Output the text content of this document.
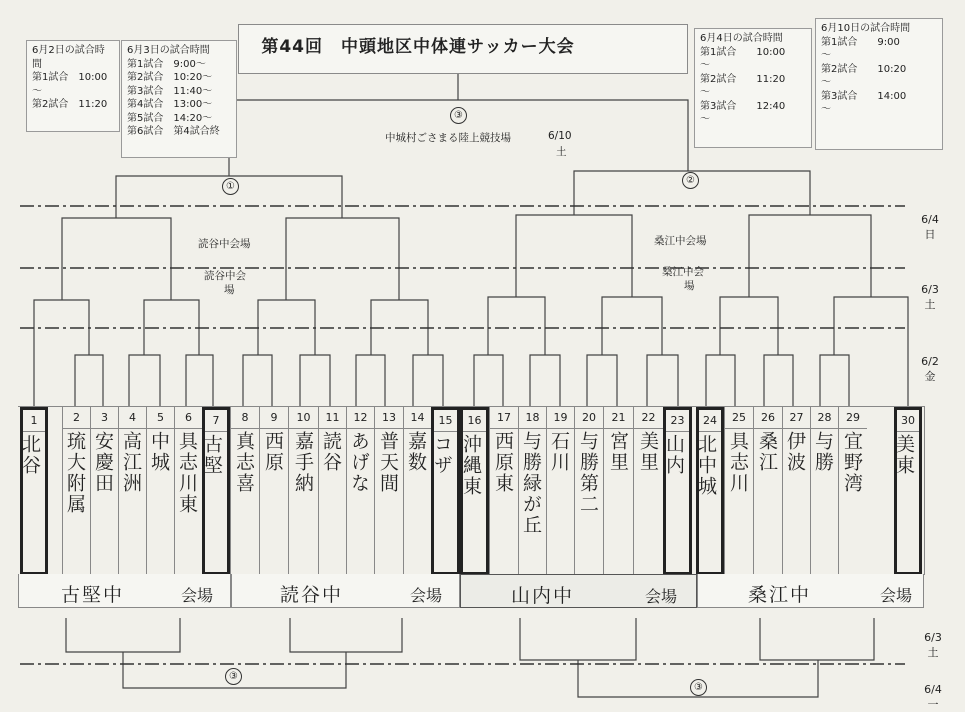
第44回　中頭地区中体連サッカー大会
6月2日の試合時
間
第1試合　10:00
～
第2試合　11:20
6月3日の試合時間
第1試合　9:00～
第2試合　10:20～
第3試合　11:40～
第4試合　13:00～
第5試合　14:20～
第6試合　第4試合終
6月4日の試合時間
第1試合　　10:00
～
第2試合　　11:20
～
第3試合　　12:40
～
6月10日の試合時間
第1試合　　9:00
～
第2試合　　10:20
～
第3試合　　14:00
～
③
中城村ごさまる陸上競技場	6/10
土
①
②
読谷中会場
読谷中会
場
桑江中会場
桑江中会
場
6/4
日
6/3
土
6/2
金
6/3
土
6/4
一
1
北谷
2
琉大附属
3
安慶田
4
高江洲
5
中城
6
具志川東
7
古堅
8
真志喜
9
西原
10
嘉手納
11
読谷
12
あげな
13
普天間
14
嘉数
15
コザ
16
沖縄東
17
西原東
18
与勝緑が丘
19
石川
20
与勝第二
21
宮里
22
美里
23
山内
24
北中城
25
具志川
26
桑江
27
伊波
28
与勝
29
宜野湾
30
美東
古堅中	会場	読谷中	会場	山内中	会場	桑江中	会場
③
③
